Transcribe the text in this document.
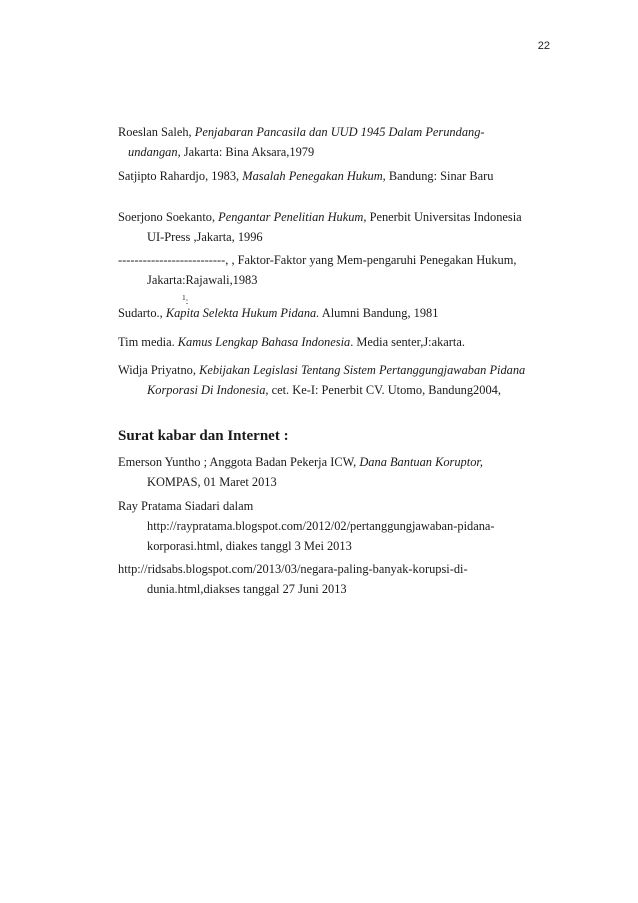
22
Roeslan Saleh, Penjabaran Pancasila dan UUD 1945 Dalam Perundang-
undangan, Jakarta: Bina Aksara,1979
Satjipto Rahardjo, 1983, Masalah Penegakan Hukum, Bandung: Sinar Baru
Soerjono Soekanto, Pengantar Penelitian Hukum, Penerbit Universitas Indonesia
UI-Press ,Jakarta, 1996
--------------------------, , Faktor-Faktor yang Mem-pengaruhi Penegakan Hukum,
Jakarta:Rajawali,1983
$^1$:
Sudarto., Kapita Selekta Hukum Pidana. Alumni Bandung, 1981
Tim media. Kamus Lengkap Bahasa Indonesia. Media senter,J:akarta.
Widja Priyatno, Kebijakan Legislasi Tentang Sistem Pertanggungjawaban Pidana
Korporasi Di Indonesia, cet. Ke-I: Penerbit CV. Utomo, Bandung2004,
Surat kabar dan Internet :
Emerson Yuntho ; Anggota Badan Pekerja ICW, Dana Bantuan Koruptor,
KOMPAS, 01 Maret 2013
Ray Pratama Siadari dalam
http://raypratama.blogspot.com/2012/02/pertanggungjawaban-pidana-
korporasi.html, diakes tanggl 3 Mei 2013
http://ridsabs.blogspot.com/2013/03/negara-paling-banyak-korupsi-di-
dunia.html,diakses tanggal 27 Juni 2013
